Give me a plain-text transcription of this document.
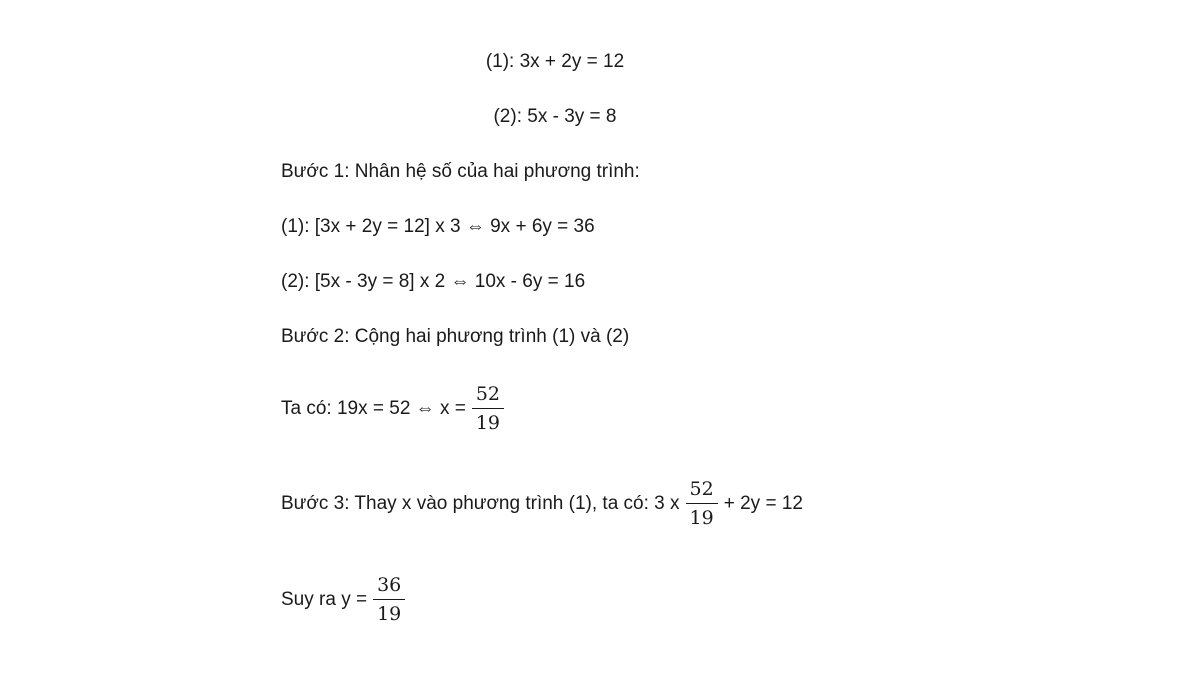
(1): 3x + 2y = 12
(2): 5x - 3y = 8
Bước 1: Nhân hệ số của hai phương trình:
(1): [3x + 2y = 12] x 3 ⇔ 9x + 6y = 36
(2): [5x - 3y = 8] x 2 ⇔ 10x - 6y = 16
Bước 2: Cộng hai phương trình (1) và (2)
Ta có: 19x = 52 ⇔ $x = \frac{52}{19}$
Bước 3: Thay x vào phương trình (1), ta có: 3 x $\frac{52}{19} + 2y = 12$
Suy ra $y = \frac{36}{19}$
